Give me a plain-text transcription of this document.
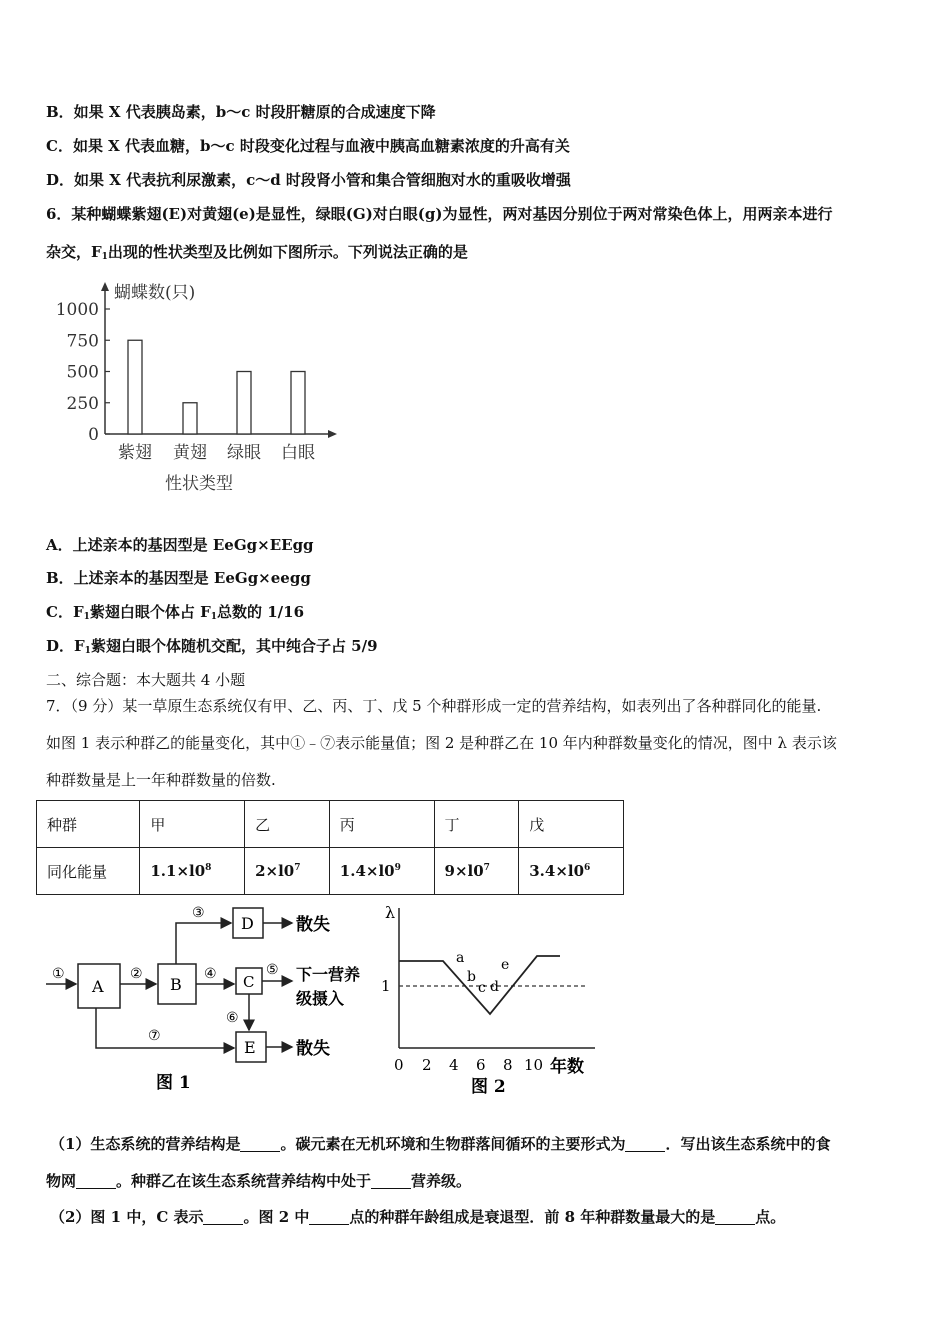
B．如果 X 代表胰岛素，b～c 时段肝糖原的合成速度下降
C．如果 X 代表血糖，b～c 时段变化过程与血液中胰高血糖素浓度的升高有关
D．如果 X 代表抗利尿激素，c～d 时段肾小管和集合管细胞对水的重吸收增强
6．某种蝴蝶紫翅(E)对黄翅(e)是显性，绿眼(G)对白眼(g)为显性，两对基因分别位于两对常染色体上，用两亲本进行
杂交，$F_1$出现的性状类型及比例如下图所示。下列说法正确的是
蝴蝶数(只)
1000
750
500
250
0
紫翅 黄翅 绿眼 白眼
性状类型
A．上述亲本的基因型是 EeGg×EEgg
B．上述亲本的基因型是 EeGg×eegg
C．$F_1$紫翅白眼个体占 $F_1$总数的 1/16
D．$F_1$紫翅白眼个体随机交配，其中纯合子占 5/9
二、综合题：本大题共 4 小题
7．（9 分）某一草原生态系统仅有甲、乙、丙、丁、戊 5 个种群形成一定的营养结构，如表列出了各种群同化的能量.
如图 1 表示种群乙的能量变化，其中①﹣⑦表示能量值；图 2 是种群乙在 10 年内种群数量变化的情况，图中 λ 表示该
种群数量是上一年种群数量的倍数.
种群	甲	乙	丙	丁	戊
同化能量	$1.1\times l0^8$	$2\times l0^7$	$1.4\times l0^9$	$9\times l0^7$	$3.4\times l0^6$
A	B
D
C
E
①	②
③
④	⑤
⑥
⑦
散失
下一营养
级摄入
散失
图 1
λ
1
a
b
c d
e
0 2 4 6 8 10 年数
图 2
（1）生态系统的营养结构是	。碳元素在无机环境和生物群落间循环的主要形式为	．写出该生态系统中的食
物网	。种群乙在该生态系统营养结构中处于	营养级。
（2）图 1 中，C 表示	。图 2 中	点的种群年龄组成是衰退型．前 8 年种群数量最大的是	点。
